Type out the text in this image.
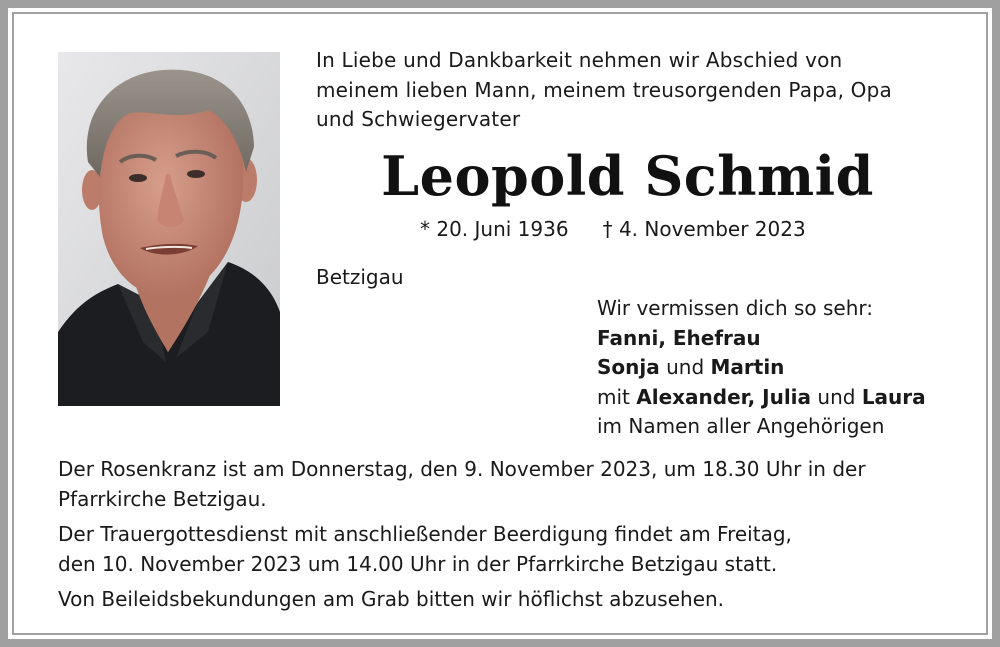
In Liebe und Dankbarkeit nehmen wir Abschied von
meinem lieben Mann, meinem treusorgenden Papa, Opa
und Schwiegervater
Leopold Schmid
* 20. Juni 1936 † 4. November 2023
Betzigau
Wir vermissen dich so sehr:
Fanni, Ehefrau
Sonja und Martin
mit Alexander, Julia und Laura
im Namen aller Angehörigen

Der Rosenkranz ist am Donnerstag, den 9. November 2023, um 18.30 Uhr in der
Pfarrkirche Betzigau.

Der Trauergottesdienst mit anschließender Beerdigung findet am Freitag,
den 10. November 2023 um 14.00 Uhr in der Pfarrkirche Betzigau statt.

Von Beileidsbekundungen am Grab bitten wir höflichst abzusehen.
